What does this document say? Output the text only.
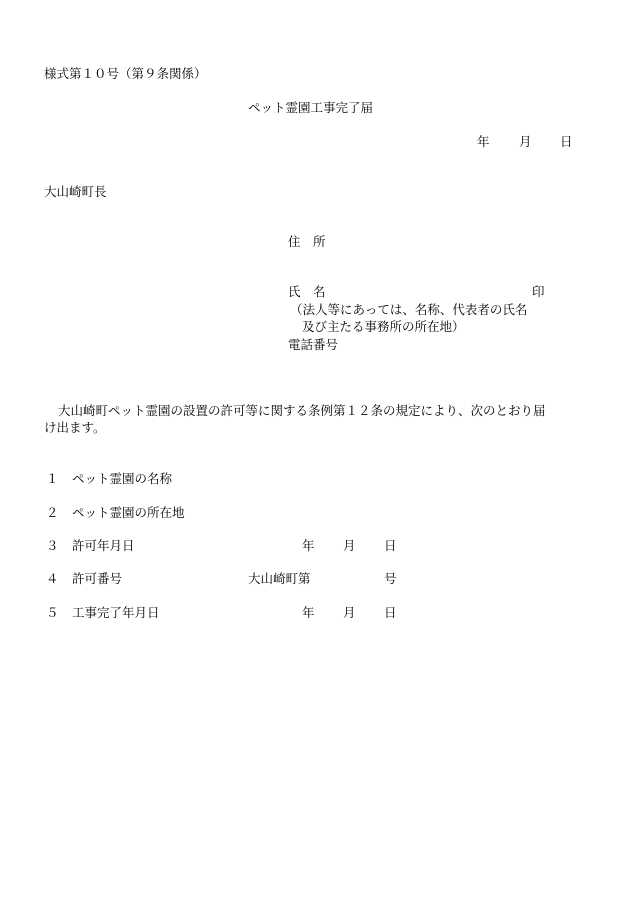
様式第１０号（第９条関係）
ペット霊園工事完了届
年 月 日
大山崎町長
住　所
氏　名	印
（法人等にあっては、名称、代表者の氏名
及び主たる事務所の所在地）
電話番号
大山崎町ペット霊園の設置の許可等に関する条例第１２条の規定により、次のとおり届
け出ます。
１ ペット霊園の名称
２ ペット霊園の所在地
３ 許可年月日	年 月 日
４ 許可番号	大山崎町第	号
５ 工事完了年月日	年 月 日
